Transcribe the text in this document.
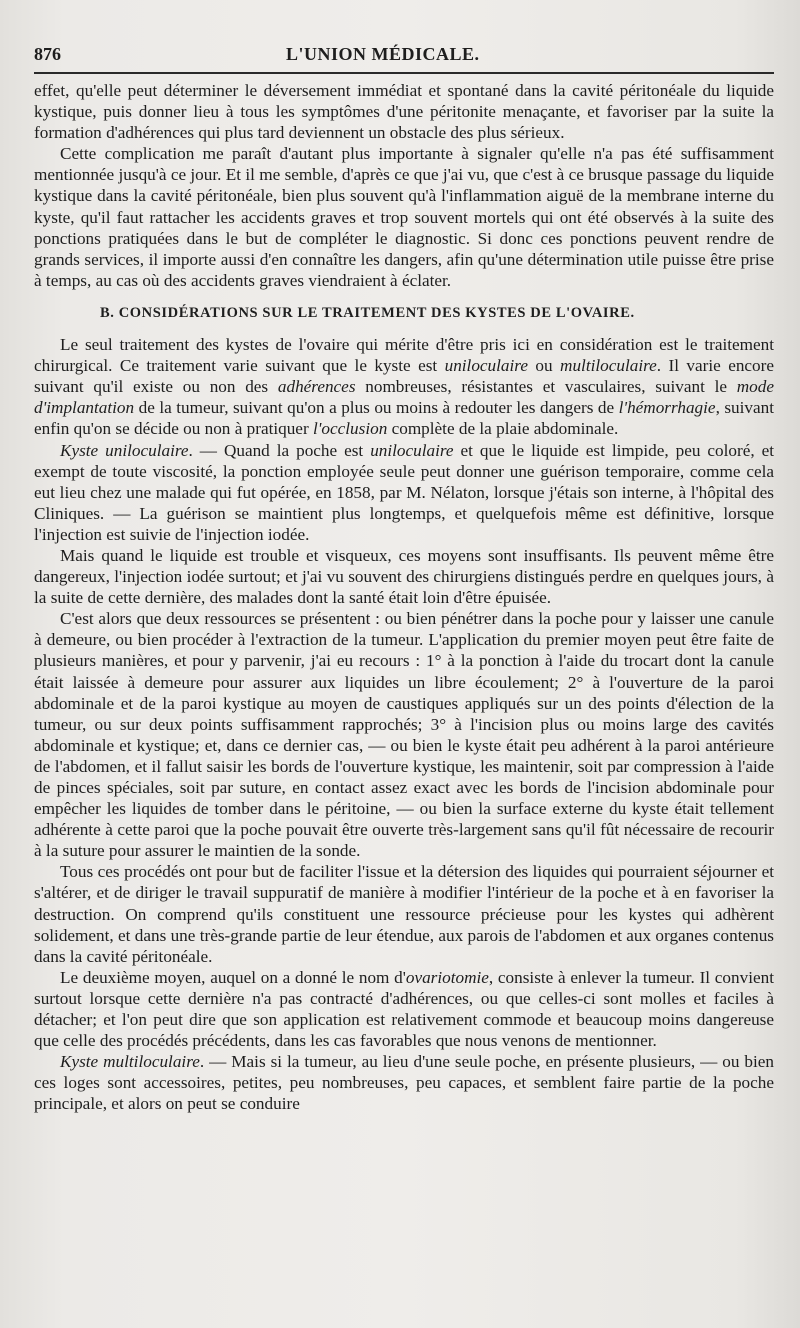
876	L'UNION MÉDICALE.

effet, qu'elle peut déterminer le déversement immédiat et spontané dans la cavité péritonéale du liquide kystique, puis donner lieu à tous les symptômes d'une péritonite menaçante, et favoriser par la suite la formation d'adhérences qui plus tard deviennent un obstacle des plus sérieux.

Cette complication me paraît d'autant plus importante à signaler qu'elle n'a pas été suffisamment mentionnée jusqu'à ce jour. Et il me semble, d'après ce que j'ai vu, que c'est à ce brusque passage du liquide kystique dans la cavité péritonéale, bien plus souvent qu'à l'inflammation aiguë de la membrane interne du kyste, qu'il faut rattacher les accidents graves et trop souvent mortels qui ont été observés à la suite des ponctions pratiquées dans le but de compléter le diagnostic. Si donc ces ponctions peuvent rendre de grands services, il importe aussi d'en connaître les dangers, afin qu'une détermination utile puisse être prise à temps, au cas où des accidents graves viendraient à éclater.

B. CONSIDÉRATIONS SUR LE TRAITEMENT DES KYSTES DE L'OVAIRE.

Le seul traitement des kystes de l'ovaire qui mérite d'être pris ici en considération est le traitement chirurgical. Ce traitement varie suivant que le kyste est uniloculaire ou multiloculaire. Il varie encore suivant qu'il existe ou non des adhérences nombreuses, résistantes et vasculaires, suivant le mode d'implantation de la tumeur, suivant qu'on a plus ou moins à redouter les dangers de l'hémorrhagie, suivant enfin qu'on se décide ou non à pratiquer l'occlusion complète de la plaie abdominale.

Kyste uniloculaire. — Quand la poche est uniloculaire et que le liquide est limpide, peu coloré, et exempt de toute viscosité, la ponction employée seule peut donner une guérison temporaire, comme cela eut lieu chez une malade qui fut opérée, en 1858, par M. Nélaton, lorsque j'étais son interne, à l'hôpital des Cliniques. — La guérison se maintient plus longtemps, et quelquefois même est définitive, lorsque l'injection est suivie de l'injection iodée.

Mais quand le liquide est trouble et visqueux, ces moyens sont insuffisants. Ils peuvent même être dangereux, l'injection iodée surtout; et j'ai vu souvent des chirurgiens distingués perdre en quelques jours, à la suite de cette dernière, des malades dont la santé était loin d'être épuisée.

C'est alors que deux ressources se présentent : ou bien pénétrer dans la poche pour y laisser une canule à demeure, ou bien procéder à l'extraction de la tumeur. L'application du premier moyen peut être faite de plusieurs manières, et pour y parvenir, j'ai eu recours : 1° à la ponction à l'aide du trocart dont la canule était laissée à demeure pour assurer aux liquides un libre écoulement; 2° à l'ouverture de la paroi abdominale et de la paroi kystique au moyen de caustiques appliqués sur un des points d'élection de la tumeur, ou sur deux points suffisamment rapprochés; 3° à l'incision plus ou moins large des cavités abdominale et kystique; et, dans ce dernier cas, — ou bien le kyste était peu adhérent à la paroi antérieure de l'abdomen, et il fallut saisir les bords de l'ouverture kystique, les maintenir, soit par compression à l'aide de pinces spéciales, soit par suture, en contact assez exact avec les bords de l'incision abdominale pour empêcher les liquides de tomber dans le péritoine, — ou bien la surface externe du kyste était tellement adhérente à cette paroi que la poche pouvait être ouverte très-largement sans qu'il fût nécessaire de recourir à la suture pour assurer le maintien de la sonde.

Tous ces procédés ont pour but de faciliter l'issue et la détersion des liquides qui pourraient séjourner et s'altérer, et de diriger le travail suppuratif de manière à modifier l'intérieur de la poche et à en favoriser la destruction. On comprend qu'ils constituent une ressource précieuse pour les kystes qui adhèrent solidement, et dans une très-grande partie de leur étendue, aux parois de l'abdomen et aux organes contenus dans la cavité péritonéale.

Le deuxième moyen, auquel on a donné le nom d'ovariotomie, consiste à enlever la tumeur. Il convient surtout lorsque cette dernière n'a pas contracté d'adhérences, ou que celles-ci sont molles et faciles à détacher; et l'on peut dire que son application est relativement commode et beaucoup moins dangereuse que celle des procédés précédents, dans les cas favorables que nous venons de mentionner.

Kyste multiloculaire. — Mais si la tumeur, au lieu d'une seule poche, en présente plusieurs, — ou bien ces loges sont accessoires, petites, peu nombreuses, peu capaces, et semblent faire partie de la poche principale, et alors on peut se conduire
